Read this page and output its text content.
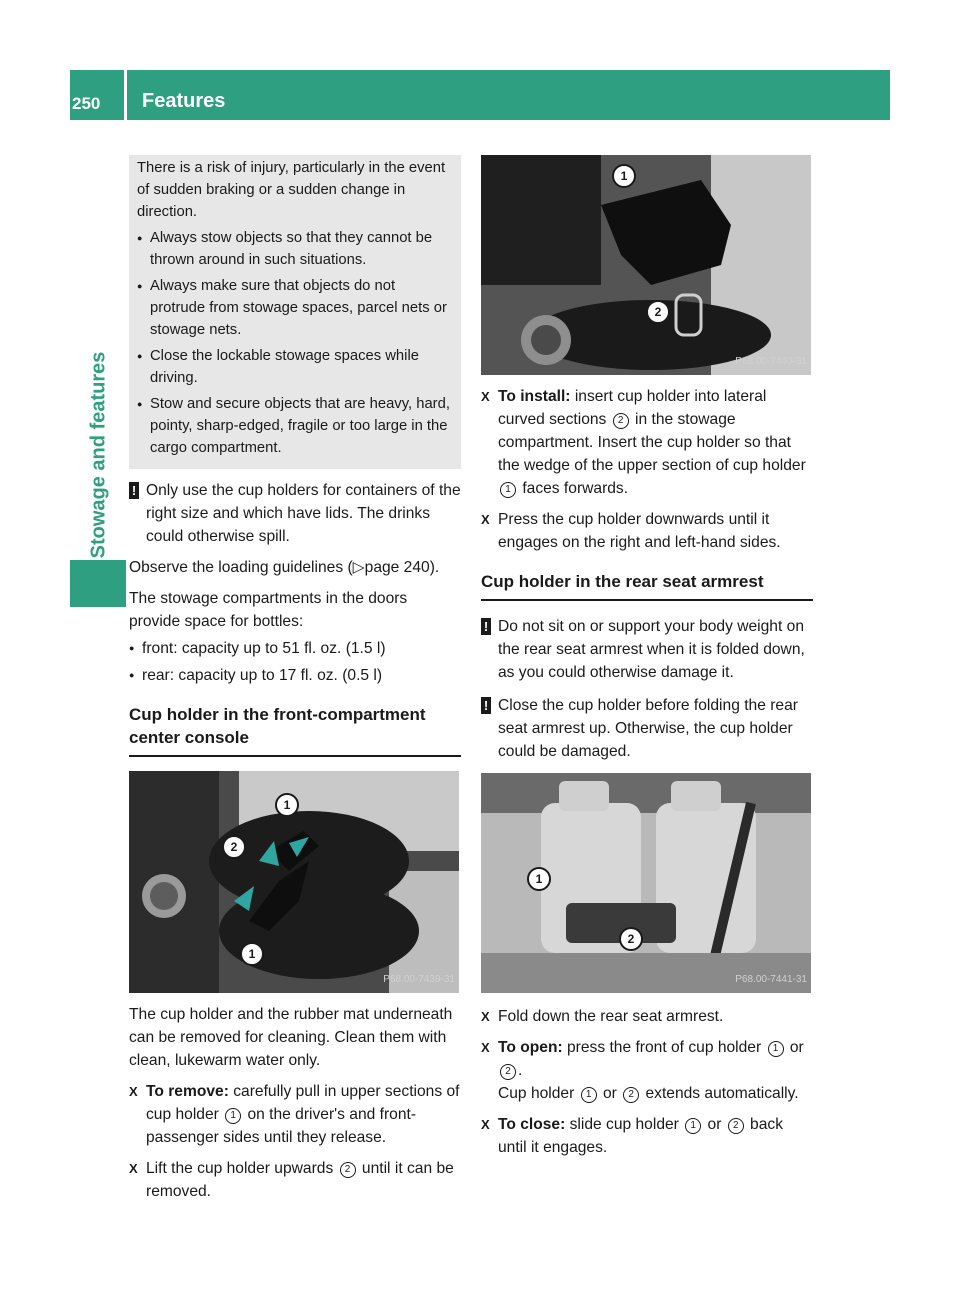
250 Features
Stowage and features

There is a risk of injury, particularly in the event of sudden braking or a sudden change in direction.

● Always stow objects so that they cannot be thrown around in such situations.
● Always make sure that objects do not protrude from stowage spaces, parcel nets or stowage nets.
● Close the lockable stowage spaces while driving.
● Stow and secure objects that are heavy, hard, pointy, sharp-edged, fragile or too large in the cargo compartment.
! Only use the cup holders for containers of the right size and which have lids. The drinks could otherwise spill.

Observe the loading guidelines (▷page 240).

The stowage compartments in the doors provide space for bottles:

● front: capacity up to 51 fl. oz. (1.5 l)
● rear: capacity up to 17 fl. oz. (0.5 l)
Cup holder in the front-compartment center console
1
2
1
P68.00-7439-31

The cup holder and the rubber mat underneath can be removed for cleaning. Clean them with clean, lukewarm water only.

X To remove: carefully pull in upper sections of cup holder 1 on the driver's and front-passenger sides until they release.
X Lift the cup holder upwards 2 until it can be removed.
1
2
P68.00-7440-31
X To install: insert cup holder into lateral curved sections 2 in the stowage compartment. Insert the cup holder so that the wedge of the upper section of cup holder 1 faces forwards.
X Press the cup holder downwards until it engages on the right and left-hand sides.
Cup holder in the rear seat armrest
! Do not sit on or support your body weight on the rear seat armrest when it is folded down, as you could otherwise damage it.
! Close the cup holder before folding the rear seat armrest up. Otherwise, the cup holder could be damaged.
1
2
P68.00-7441-31
X Fold down the rear seat armrest.
X To open: press the front of cup holder 1 or 2 .
Cup holder 1 or 2 extends automatically.
X To close: slide cup holder 1 or 2 back until it engages.
